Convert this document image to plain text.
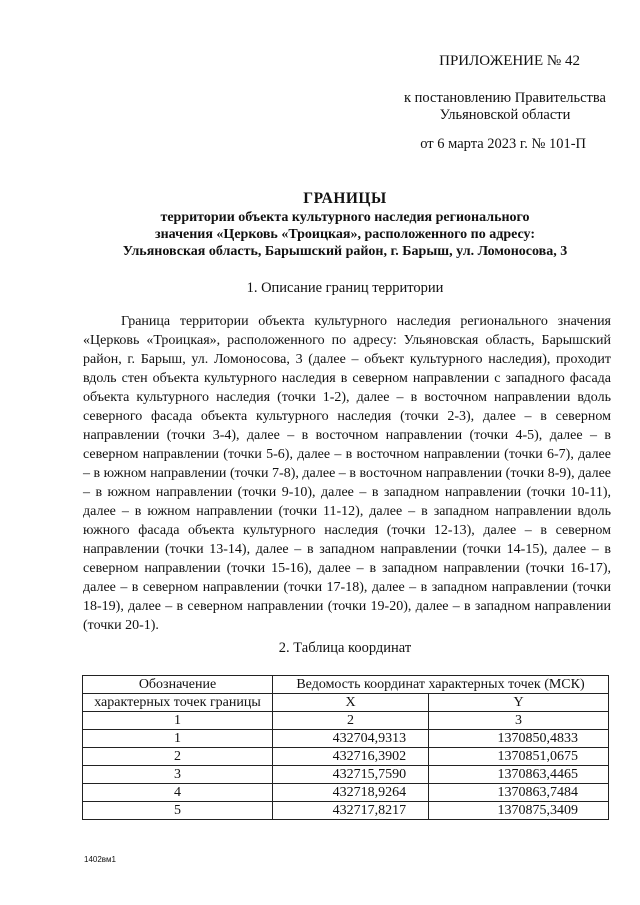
ПРИЛОЖЕНИЕ № 42
к постановлению Правительства
Ульяновской области
от 6 марта 2023 г. № 101-П
ГРАНИЦЫ
территории объекта культурного наследия регионального
значения «Церковь «Троицкая», расположенного по адресу:
Ульяновская область, Барышский район, г. Барыш, ул. Ломоносова, 3
1. Описание границ территории

Граница территории объекта культурного наследия регионального значения «Церковь «Троицкая», расположенного по адресу: Ульяновская область, Барышский район, г. Барыш, ул. Ломоносова, 3 (далее – объект культурного наследия), проходит вдоль стен объекта культурного наследия в северном направлении с западного фасада объекта культурного наследия (точки 1-2), далее – в восточном направлении вдоль северного фасада объекта культурного наследия (точки 2-3), далее – в северном направлении (точки 3-4), далее – в восточном направлении (точки 4-5), далее – в северном направлении (точки 5-6), далее – в восточном направлении (точки 6-7), далее – в южном направлении (точки 7-8), далее – в восточном направлении (точки 8-9), далее – в южном направлении (точки 9-10), далее – в западном направлении (точки 10-11), далее – в южном направлении (точки 11-12), далее – в западном направлении вдоль южного фасада объекта культурного наследия (точки 12-13), далее – в северном направлении (точки 13-14), далее – в западном направлении (точки 14-15), далее – в северном направлении (точки 15-16), далее – в западном направлении (точки 16-17), далее – в северном направлении (точки 17-18), далее – в западном направлении (точки 18-19), далее – в северном направлении (точки 19-20), далее – в западном направлении (точки 20-1).

2. Таблица координат
Обозначение	Ведомость координат характерных точек (МСК)	
характерных точек границы	X	Y
1	2	3
1	432704,9313	1370850,4833
2	432716,3902	1370851,0675
3	432715,7590	1370863,4465
4	432718,9264	1370863,7484
5	432717,8217	1370875,3409
1402вм1
